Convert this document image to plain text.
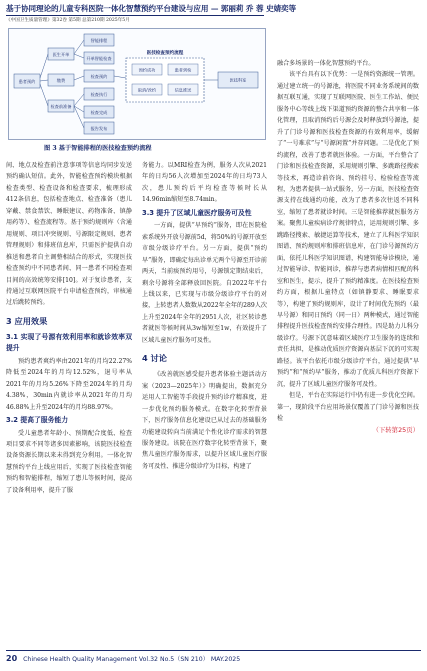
基于协同理论的儿童专科医院一体化智慧预约平台建设与应用 — 郭丽莉 乔 蓉 史婧奕等
《中国卫生质量管理》第32卷 第5期 总第210期 2025年5月
患者预约
医生开单
缴费
检查前准备
智能排程
开单智能检查
检查预约
检查执行
检查完成
报告发布
医技检查预约流程
预约成功	患者到检
取消/改约	信息推送
医技科室
图 3 基于智能排程的医技检查预约流程

间、地点及检查前注意事项等信息均同步发送预约确认短信。此外，智能检查预约模块根据检查类型、检查设备和检查要求，梳理形成412条信息，包括检查地点、检查准备（患儿穿戴、禁食禁饮、睡眠建议、药物准备、镇静用药等）、检查流程等。基于预约规则库（含通用规则、项目冲突规则、号源限定规则、患者管理规则）和排班信息库，只需医护提供自动推送和患者自主调整相结合的形式，实现医技检查预约中不同患者间、同一患者不同检查项目间的高效统筹安排[10]。对于复诊患者，支持通过互联网医院平台申请检查预约，审核通过后跳转预约。

3 应用效果
3.1 实现了号源有效利用率和就诊效率双提升

预约患者爽约率由2021年的月均22.27%降低至2024年的月均12.52%，退号率从2021年的月均5.26%下降至2024年的月均4.38%，30min内就诊率从2021年的月均46.88%上升至2024年的月均88.97%。

3.2 提高了服务能力

受儿童患者年龄小、预期配合度低、检查项目要求不同等诸多因素影响，该院医技检查设备资源长期以来未得到充分利用。一体化智慧预约平台上线应用后，实现了医技检查智能预约和智能排程，缩短了患儿等候时间，提高了设备利用率，提升了服

务能力。以MRI检查为例，服务人次从2021年的日均56人次增加至2024年的日均73人次，患儿预约后平均检查等候时长从14.96min缩短至8.74min。

3.3 提升了区域儿童医疗服务可及性

一方面，提供“早预约”服务，即在医院检索系统外开放号源前5d，将50%的号源开放至市级分级诊疗平台。另一方面，提供“预约早”服务，即确定每出诊单元两个号源至开诊前两天，当前痰预约用号，号源锁定期结束后，剩余号源将全部释放回医院。自2022年平台上线以来，已实现与市级分级诊疗平台的对接，上转患者人数数从2022年全年的289人次上升至2024年全年的2951人次，社区转诊患者就医等候时间从3w缩短至1w，有效提升了区域儿童医疗服务可及性。

4 讨论

《改善就医感受提升患者体验主题活动方案（2023—2025年）》明确提出，数据充分运用人工智能等手段提升预约诊疗精准度，进一步优化预约服务模式。在数字化转型背景下，医疗服务信息化建设已从过去的基础服务功能建设转向当前满足个性化诊疗需求的智慧服务建设。该院在医疗数字化转型背景下，聚焦儿童医疗服务需求，以提升区域儿童医疗服务可及性、推进分级诊疗为目标，构建了

融合多场景的一体化智慧预约平台。

该平台具有以下优势：一是预约资源统一管理。通过建立统一的号源池，将医院不同业务系统间的数据互联互通，实现了互联网医院、医生工作站、便民服务中心等线上线下渠道预约资源的整合共享和一体化管理，且取消预约后号源会及时释放到号源池，提升了门诊号源和医技检查资源的有效利用率，缓解了“一号难求”与“号源闲置”并存问题。二是优化了预约流程，改善了患者就医体验。一方面，平台整合了门诊和医技检查资源，采用规则引擎、多跳路径搜索等技术，再造诊前咨询、预约挂号、检验检查等流程，为患者提供一站式服务，另一方面，医技检查资源支持在线通约功能，改为了患者多次往返不同科室，缩短了患者就诊时间。三是智能推荐就医服务方案。聚焦儿童疾病诊疗规律特点，运用规则引擎、多跳路径搜索、敏捷运算等技术，建立了儿科医学知识图谱、预约规则库和排班信息库，在门诊号源预约方面，依托儿科医学知识图谱，构建智能导诊模块，通过智能导诊、智能问诊，推荐与患者病情相匹配的科室和医生，提示，提升了预约精准度。在医技检查预约方面，根据儿童特点（如镇静要求、睡眠要求等），构建了预约规则库，设计了时间优先预约（最早号源）和同日预约（同一日）两种模式，通过智能排程提升医技检查预约安排合理性。四是助力儿科分级诊疗。号源下沉意味着区域医疗卫生服务的连续和责任共担，是推动优质医疗资源向基层下沉的可实现路径。该平台依托市级分级诊疗平台，通过提供“早预约”和“预约早”服务，推动了优质儿科医疗资源下沉，提升了区域儿童医疗服务可及性。

但是，平台在实际运行中仍有进一步优化空间。第一，现阶段平台应用场景仅覆盖了门诊号源和医技检

（下转第25页）
20 Chinese Health Quality Management Vol.32 No.5（SN 210） MAY.2025
